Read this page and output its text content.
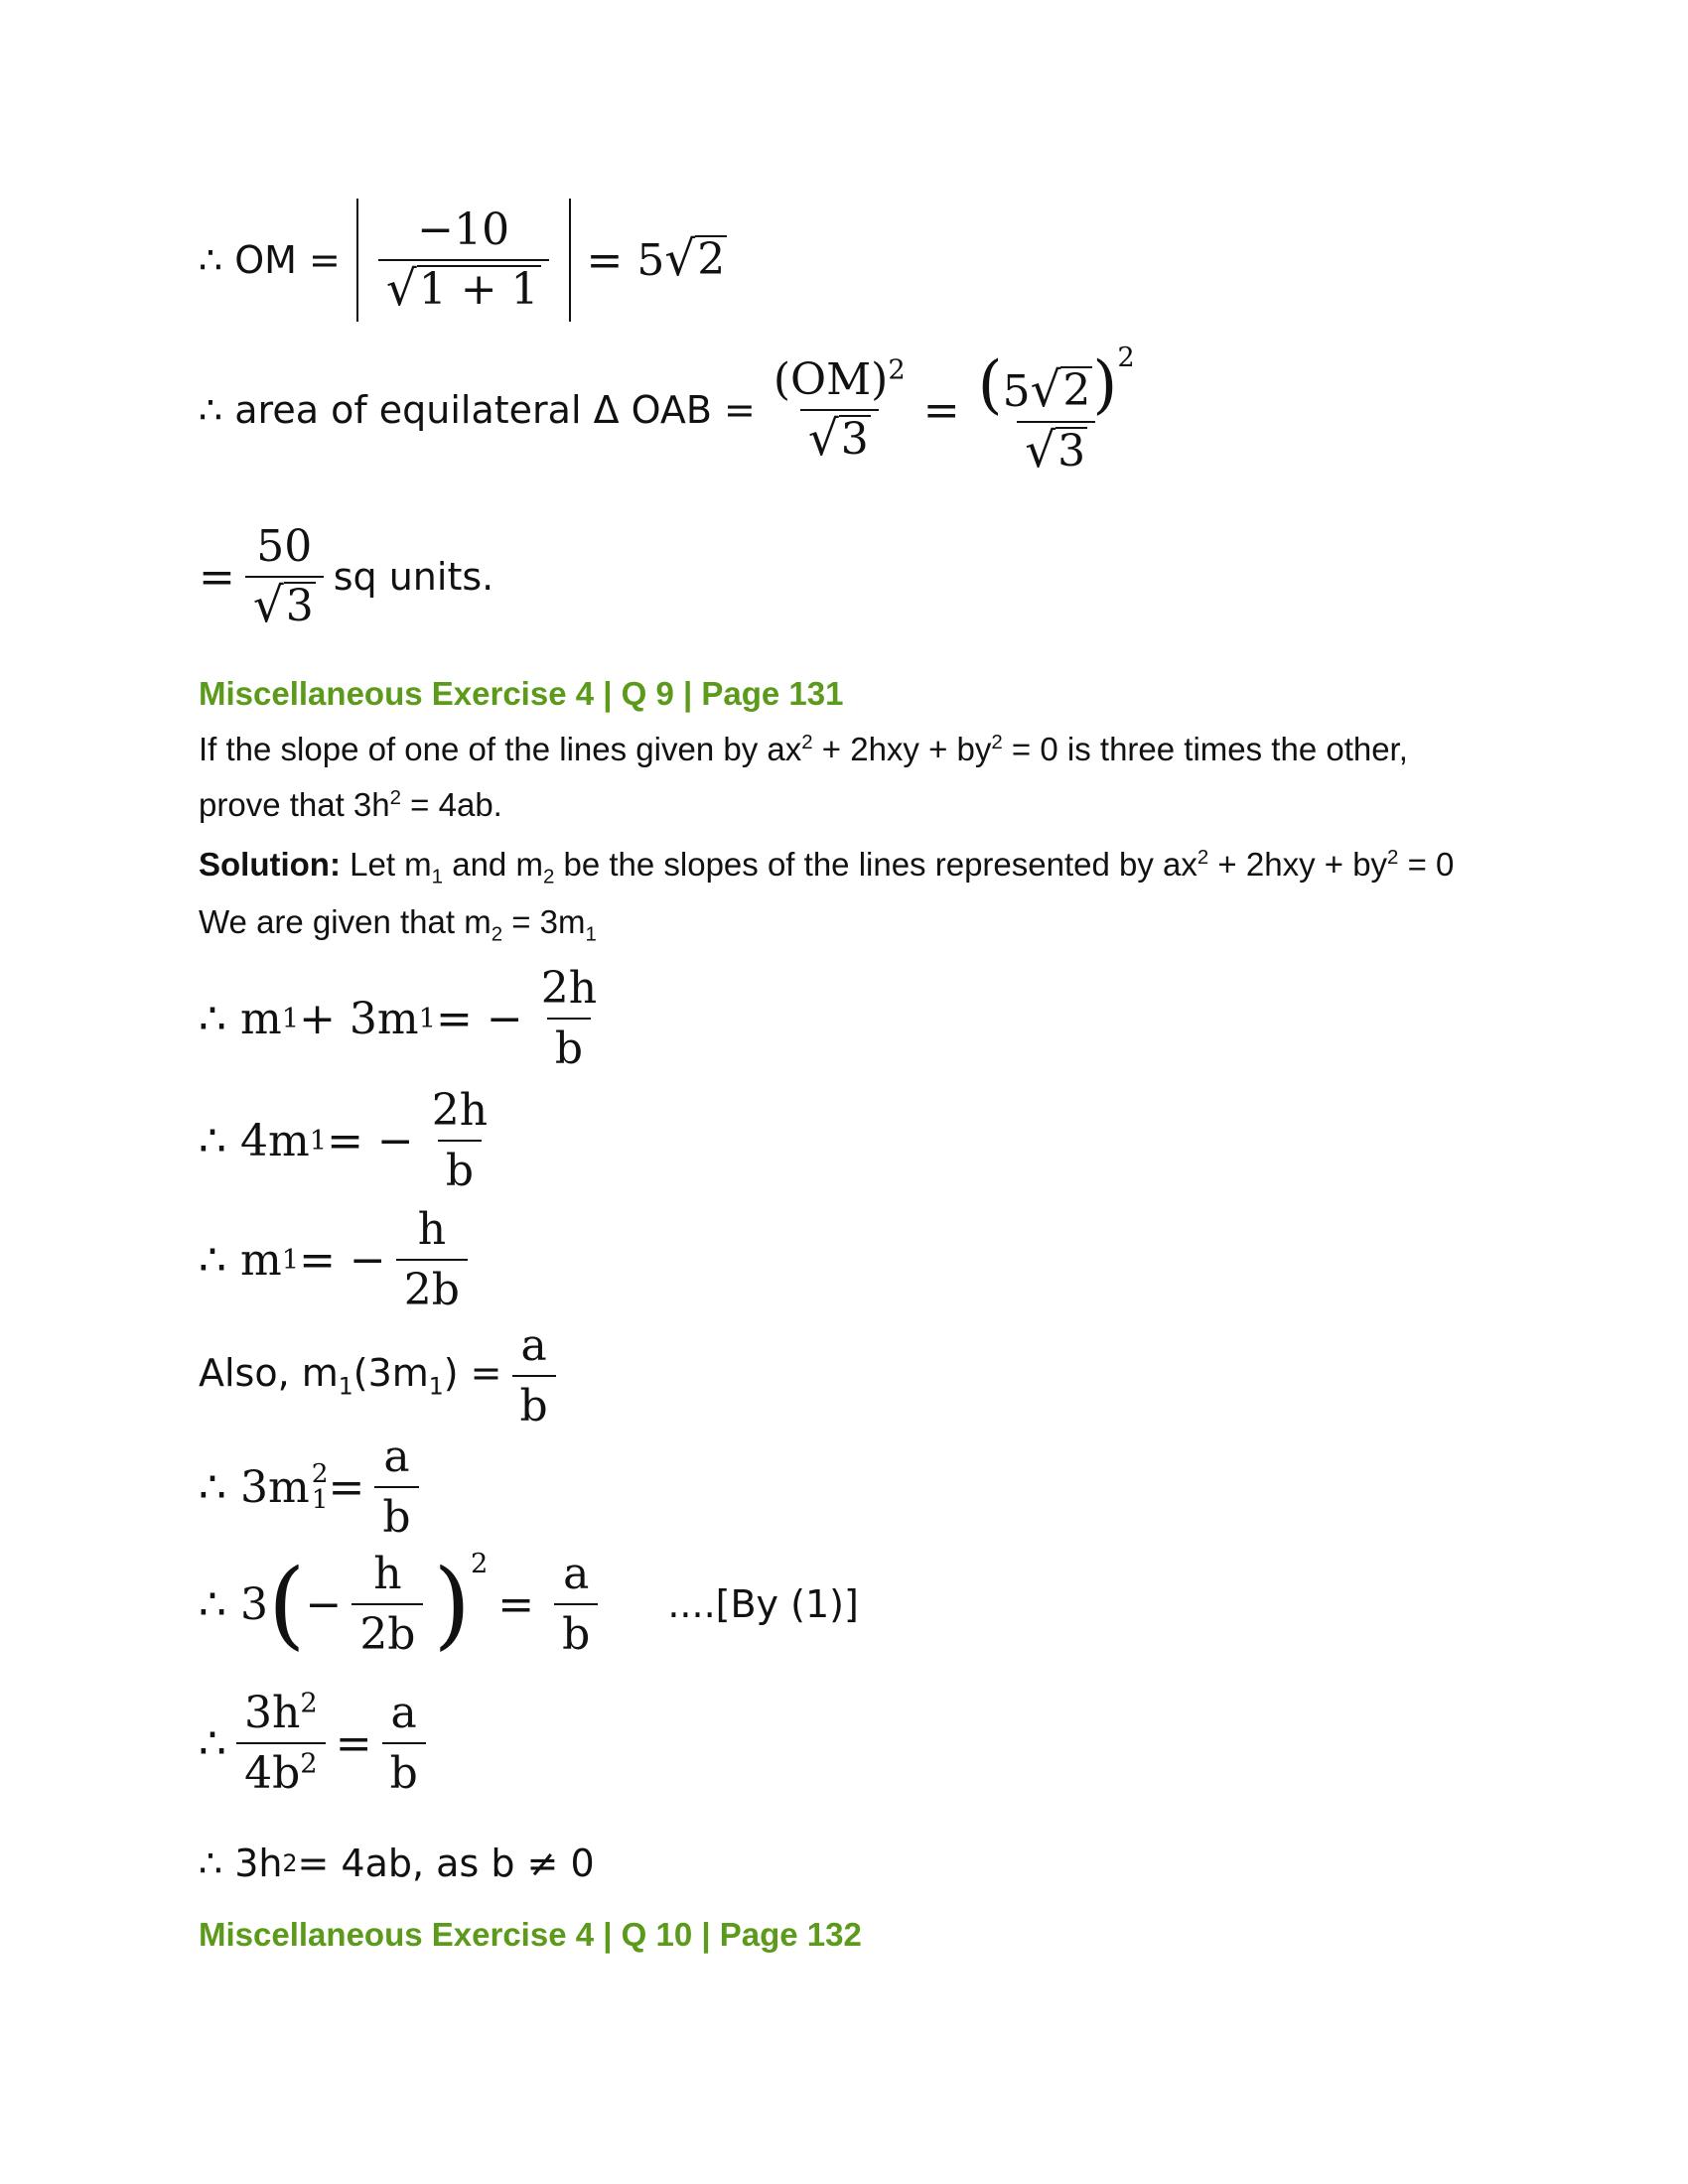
∴ OM = $\frac{-10}{√ 1 + 1} = 5$ √ 2
∴ area of equilateral Δ OAB = $\frac{(OM)^2}{√ 3} = \frac{(5 √ 2 )^2}{√ 3}$
= $\frac{50}{√ 3}$ sq units.
Miscellaneous Exercise 4 | Q 9 | Page 131
If the slope of one of the lines given by $ax^2 + 2hxy + by^2 = 0$ is three times the other,
prove that $3h^2 = 4ab$.
Solution: Let $m_1$ and $m_2$ be the slopes of the lines represented by $ax^2 + 2hxy + by^2 = 0$
We are given that $m_2 = 3m_1$
∴ m 1 + 3m 1 = − $\frac{2h}{b}$
∴ 4m 1 = − $\frac{2h}{b}$
∴ m 1 = − $\frac{h}{2b}$
Also, $m_1(3m_1) = \frac{a}{b}$
∴ 3m 2
$1 = \frac{a}{b}$
∴ 3 ( − $\frac{h}{2b} )^2$
= $\frac{a}{b} ....[By$ (1)]
∴ $\frac{3h^2}{4b^2} = \frac{a}{b}$
∴ 3h 2 = 4ab, as b ≠ 0
Miscellaneous Exercise 4 | Q 10 | Page 132
